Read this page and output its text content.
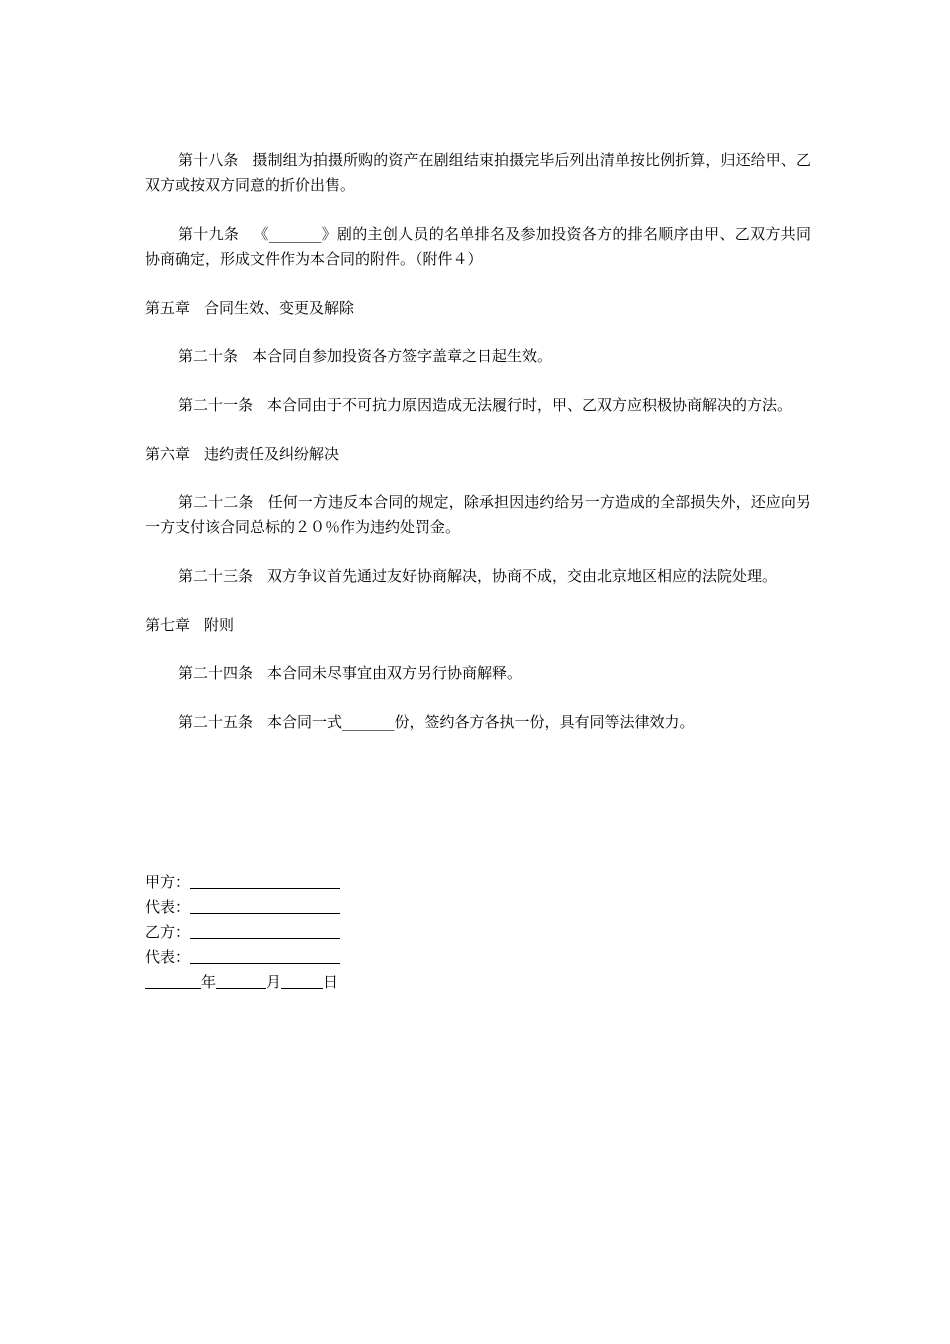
第十八条 摄制组为拍摄所购的资产在剧组结束拍摄完毕后列出清单按比例折算，归还给甲、乙双方或按双方同意的折价出售。

第十九条 《_______》剧的主创人员的名单排名及参加投资各方的排名顺序由甲、乙双方共同协商确定，形成文件作为本合同的附件。（附件４）

第五章 合同生效、变更及解除

第二十条 本合同自参加投资各方签字盖章之日起生效。

第二十一条 本合同由于不可抗力原因造成无法履行时，甲、乙双方应积极协商解决的方法。

第六章 违约责任及纠纷解决

第二十二条 任何一方违反本合同的规定，除承担因违约给另一方造成的全部损失外，还应向另一方支付该合同总标的２０％作为违约处罚金。

第二十三条 双方争议首先通过友好协商解决，协商不成，交由北京地区相应的法院处理。

第七章 附则

第二十四条 本合同未尽事宜由双方另行协商解释。

第二十五条 本合同一式_______份，签约各方各执一份，具有同等法律效力。

甲方：
代表：
乙方：
代表：
年	月	日
